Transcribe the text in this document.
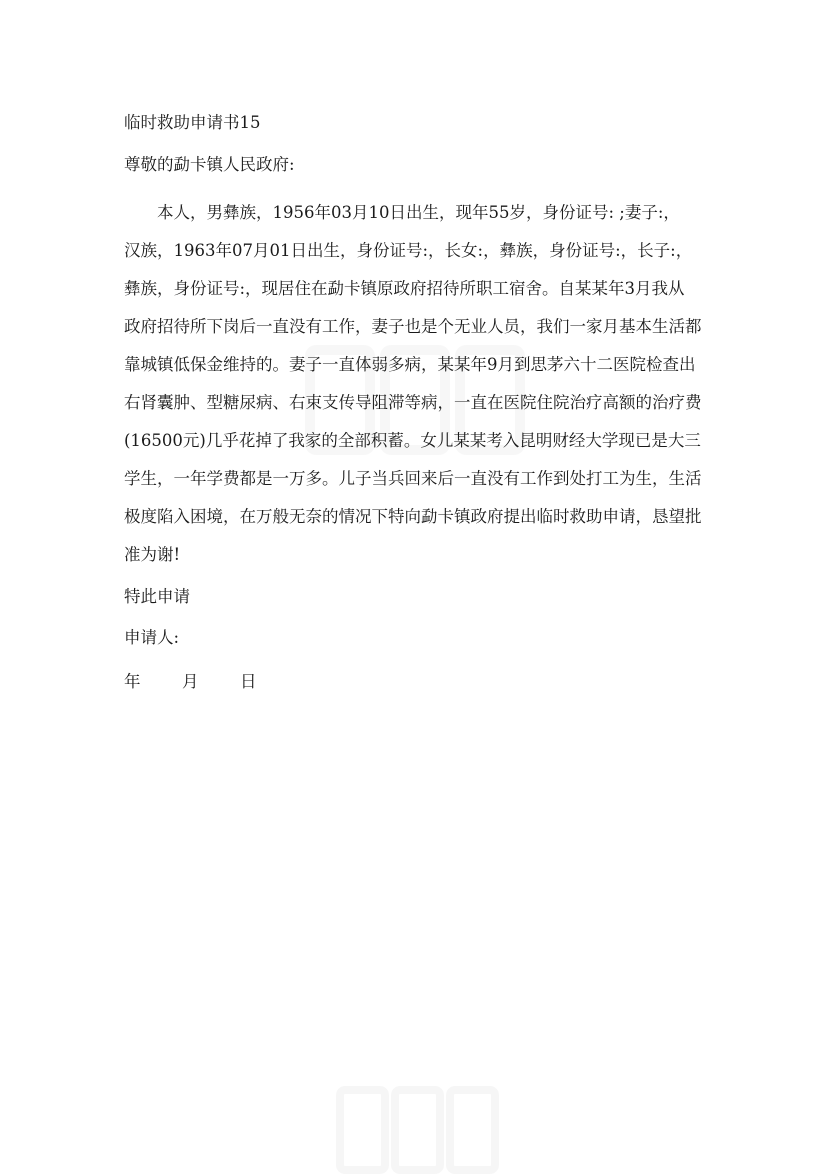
临时救助申请书15

尊敬的勐卡镇人民政府:

本人，男彝族，1956年03月10日出生，现年55岁，身份证号: ;妻子:，

汉族，1963年07月01日出生，身份证号:，长女:，彝族，身份证号:，长子:，

彝族，身份证号:，现居住在勐卡镇原政府招待所职工宿舍。自某某年3月我从

政府招待所下岗后一直没有工作，妻子也是个无业人员，我们一家月基本生活都

靠城镇低保金维持的。妻子一直体弱多病，某某年9月到思茅六十二医院检查出

右肾囊肿、型糖尿病、右束支传导阻滞等病，一直在医院住院治疗高额的治疗费

(16500元)几乎花掉了我家的全部积蓄。女儿某某考入昆明财经大学现已是大三

学生，一年学费都是一万多。儿子当兵回来后一直没有工作到处打工为生，生活

极度陷入困境，在万般无奈的情况下特向勐卡镇政府提出临时救助申请，恳望批

准为谢!

特此申请

申请人:

年	月	日
